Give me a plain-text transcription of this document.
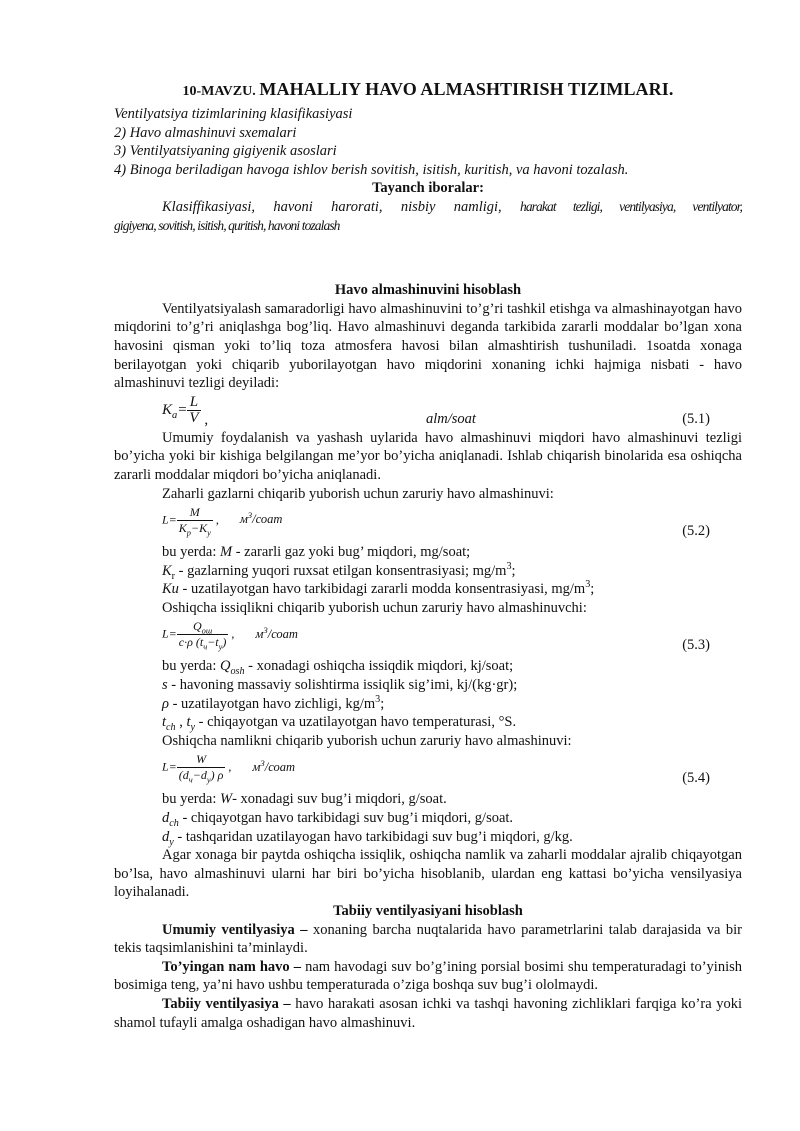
10-MAVZU. MAHALLIY HAVO ALMASHTIRISH TIZIMLARI.

Ventilyatsiya tizimlarining klasifikasiyasi

2) Havo almashinuvi sxemalari

3) Ventilyatsiyaning gigiyenik asoslari

4) Binoga beriladigan havoga ishlov berish sovitish, isitish, kuritish, va havoni tozalash.

Tayanch iboralar:

Klasiffikasiyasi, havoni harorati, nisbiy namligi, harakat tezligi, ventilyasiya, ventilyator,

gigiyena, sovitish, isitish, quritish, havoni tozalash

Havo almashinuvini hisoblash

Ventilyatsiyalash samaradorligi havo almashinuvini to’g’ri tashkil etishga va almashinayotgan havo miqdorini to’g’ri aniqlashga bog’liq. Havo almashinuvi deganda tarkibida zararli moddalar bo’lgan xona havosini qisman yoki to’liq toza atmosfera havosi bilan almashtirish tushuniladi. 1soatda xonaga berilayotgan yoki chiqarib yuborilayotgan havo miqdorini xonaning ichki hajmiga nisbati - havo almashinuvi tezligi deyiladi:

$K_a= \frac{L}{V}$ ,	alm/soat	(5.1)

Umumiy foydalanish va yashash uylarida havo almashinuvi miqdori havo almashinuvi tezligi bo’yicha yoki bir kishiga belgilangan me’yor bo’yicha aniqlanadi. Ishlab chiqarish binolarida esa oshiqcha zararli moddalar miqdori bo’yicha aniqlanadi.

Zaharli gazlarni chiqarib yuborish uchun zaruriy havo almashinuvi:

$L= \frac{M}{K_p-K_y}$ , $м^3$/соат
(5.2)

bu yerda: M - zararli gaz yoki bug’ miqdori, mg/soat;

$K_r$ - gazlarning yuqori ruxsat etilgan konsentrasiyasi; $mg/m^3$;

Ku - uzatilayotgan havo tarkibidagi zararli modda konsentrasiyasi, $mg/m^3$;

Oshiqcha issiqlikni chiqarib yuborish uchun zaruriy havo almashinuvchi:

$L= \frac{Q_{ош}}{c\cdot\rho (t_ч-t_y)}$ , $м^3$/соат
(5.3)

bu yerda: $Q_{osh}$ - xonadagi oshiqcha issiqdik miqdori, kj/soat;

s - havoning massaviy solishtirma issiqlik sig’imi, kj/(kg·gr);

ρ - uzatilayotgan havo zichligi, $kg/m^3$;

$t_{ch}$ , $t_y$ - chiqayotgan va uzatilayotgan havo temperaturasi, °S.

Oshiqcha namlikni chiqarib yuborish uchun zaruriy havo almashinuvi:

$L= \frac{W}{(d_ч-d_y) \rho}$ , $м^3$/соат
(5.4)

bu yerda: W- xonadagi suv bug’i miqdori, g/soat.

$d_{ch}$ - chiqayotgan havo tarkibidagi suv bug’i miqdori, g/soat.

$d_y$ - tashqaridan uzatilayogan havo tarkibidagi suv bug’i miqdori, g/kg.

Agar xonaga bir paytda oshiqcha issiqlik, oshiqcha namlik va zaharli moddalar ajralib chiqayotgan bo’lsa, havo almashinuvi ularni har biri bo’yicha hisoblanib, ulardan eng kattasi bo’yicha vensilyasiya loyihalanadi.

Tabiiy ventilyasiyani hisoblash

Umumiy ventilyasiya – xonaning barcha nuqtalarida havo parametrlarini talab darajasida va bir tekis taqsimlanishini ta’minlaydi.

To’yingan nam havo – nam havodagi suv bo’g’ining porsial bosimi shu temperaturadagi to’yinish bosimiga teng, ya’ni havo ushbu temperaturada o’ziga boshqa suv bug’i ololmaydi.

Tabiiy ventilyasiya – havo harakati asosan ichki va tashqi havoning zichliklari farqiga ko’ra yoki shamol tufayli amalga oshadigan havo almashinuvi.
